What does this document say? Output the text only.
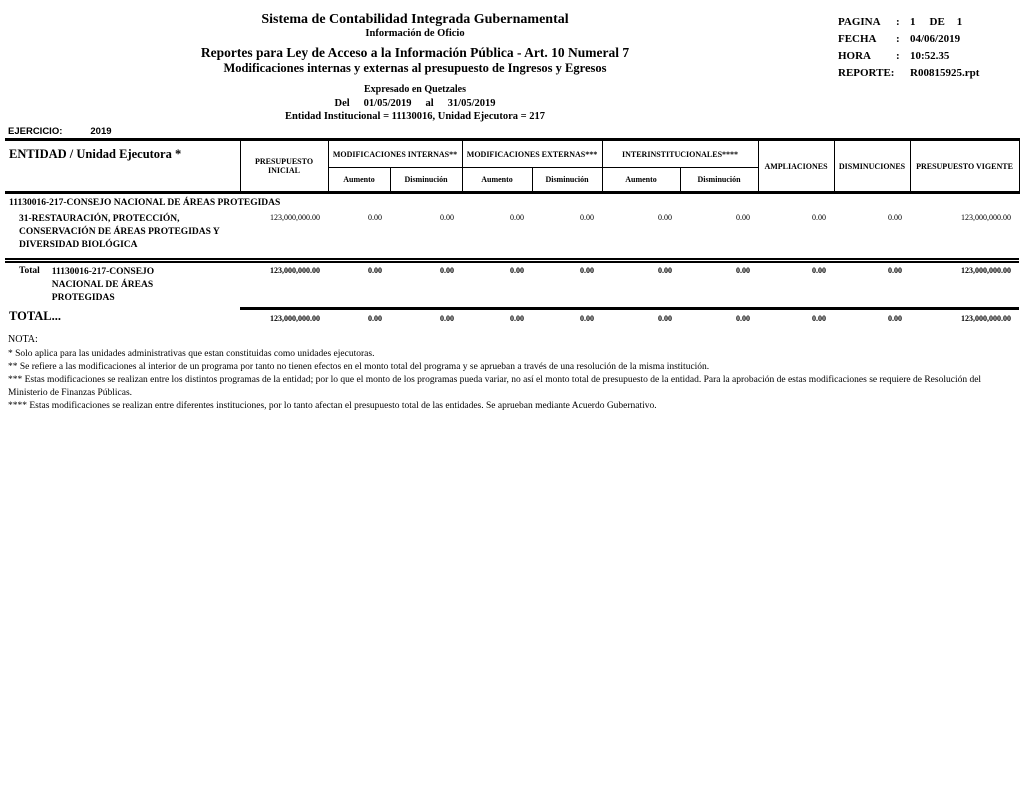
Sistema de Contabilidad Integrada Gubernamental
Información de Oficio
Reportes para Ley de Acceso a la Información Pública - Art. 10 Numeral 7
Modificaciones internas y externas al presupuesto de Ingresos y Egresos
Expresado en Quetzales
Del 01/05/2019 al 31/05/2019
Entidad Institucional = 11130016, Unidad Ejecutora = 217
PAGINA	: 1 DE 1
FECHA	: 04/06/2019
HORA	: 10:52.35
REPORTE: R00815925.rpt
EJERCICIO:	2019
ENTIDAD / Unidad Ejecutora *	PRESUPUESTO INICIAL	MODIFICACIONES INTERNAS**		MODIFICACIONES EXTERNAS***		INTERINSTITUCIONALES****		AMPLIACIONES	DISMINUCIONES	PRESUPUESTO VIGENTE
		Aumento	Disminución	Aumento	Disminución	Aumento	Disminución			
11130016-217-CONSEJO NACIONAL DE ÁREAS PROTEGIDAS										
31-RESTAURACIÓN, PROTECCIÓN, CONSERVACIÓN DE ÁREAS PROTEGIDAS Y DIVERSIDAD BIOLÓGICA	123,000,000.00	0.00	0.00	0.00	0.00	0.00	0.00	0.00	0.00	123,000,000.00
$^{Total}$ 11130016-217-CONSEJO NACIONAL DE ÁREAS PROTEGIDAS	123,000,000.00	0.00	0.00	0.00	0.00	0.00	0.00	0.00	0.00	123,000,000.00
TOTAL...	123,000,000.00	0.00	0.00	0.00	0.00	0.00	0.00	0.00	0.00	123,000,000.00

NOTA:

* Solo aplica para las unidades administrativas que estan constituidas como unidades ejecutoras.

** Se refiere a las modificaciones al interior de un programa por tanto no tienen efectos en el monto total del programa y se aprueban a través de una resolución de la misma institución.

*** Estas modificaciones se realizan entre los distintos programas de la entidad; por lo que el monto de los programas pueda variar, no así el monto total de presupuesto de la entidad. Para la aprobación de estas modificaciones se requiere de Resolución del Ministerio de Finanzas Públicas.

**** Estas modificaciones se realizan entre diferentes instituciones, por lo tanto afectan el presupuesto total de las entidades. Se aprueban mediante Acuerdo Gubernativo.
